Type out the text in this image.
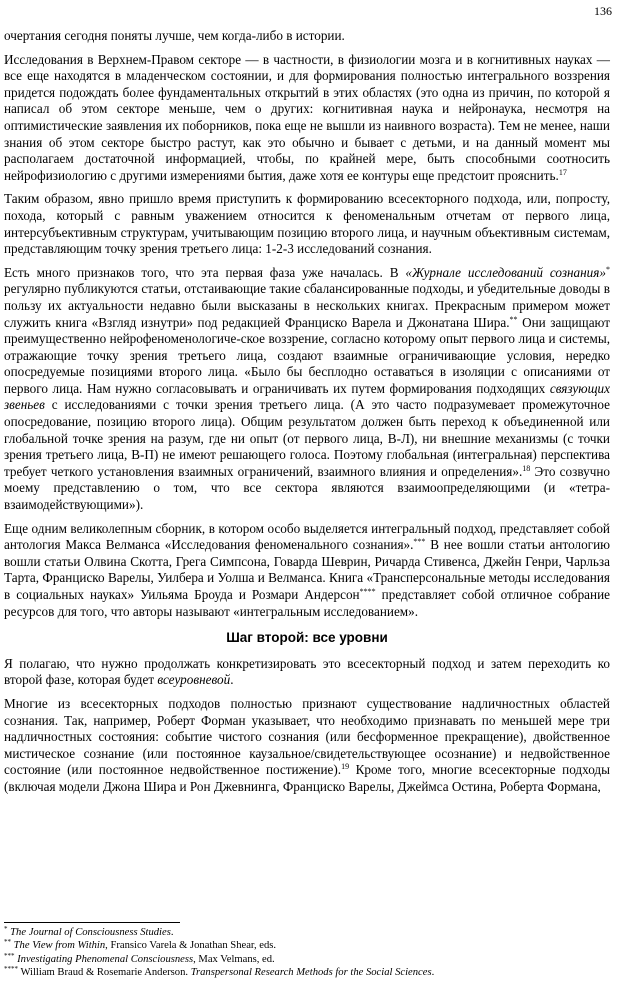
136

очертания сегодня поняты лучше, чем когда-либо в истории.

Исследования в Верхнем-Правом секторе — в частности, в физиологии мозга и в когнитивных науках — все еще находятся в младенческом состоянии, и для формирования полностью интегрального воззрения придется подождать более фундаментальных открытий в этих областях (это одна из причин, по которой я написал об этом секторе меньше, чем о других: когнитивная наука и нейронаука, несмотря на оптимистические заявления их поборников, пока еще не вышли из наивного возраста). Тем не менее, наши знания об этом секторе быстро растут, как это обычно и бывает с детьми, и на данный момент мы располагаем достаточной информацией, чтобы, по крайней мере, быть способными соотносить нейрофизиологию с другими измерениями бытия, даже хотя ее контуры еще предстоит прояснить.$^{17}$

Таким образом, явно пришло время приступить к формированию всесекторного подхода, или, попросту, похода, который с равным уважением относится к феноменальным отчетам от первого лица, интерсубъективным структурам, учитывающим позицию второго лица, и научным объективным системам, представляющим точку зрения третьего лица: 1-2-3 исследований сознания.

Есть много признаков того, что эта первая фаза уже началась. В «Журнале исследований сознания»* регулярно публикуются статьи, отстаивающие такие сбалансированные подходы, и убедительные доводы в пользу их актуальности недавно были высказаны в нескольких книгах. Прекрасным примером может служить книга «Взгляд изнутри» под редакцией Франциско Варела и Джонатана Шира.** Они защищают преимущественно нейрофеноменологиче-ское воззрение, согласно которому опыт первого лица и системы, отражающие точку зрения третьего лица, создают взаимные ограничивающие условия, нередко опосредуемые позициями второго лица. «Было бы бесплодно оставаться в изоляции с описаниями от первого лица. Нам нужно согласовывать и ограничивать их путем формирования подходящих связующих звеньев с исследованиями с точки зрения третьего лица. (А это часто подразумевает промежуточное опосредование, позицию второго лица). Общим результатом должен быть переход к объединенной или глобальной точке зрения на разум, где ни опыт (от первого лица, В-Л), ни внешние механизмы (с точки зрения третьего лица, В-П) не имеют решающего голоса. Поэтому глобальная (интегральная) перспектива требует четкого установления взаимных ограничений, взаимного влияния и определения».$^{18}$ Это созвучно моему представлению о том, что все сектора являются взаимоопределяющими (и «тетра-взаимодействующими»).

Еще одним великолепным сборник, в котором особо выделяется интегральный подход, представляет собой антология Макса Велманса «Исследования феноменального сознания».*** В нее вошли статьи антологию вошли статьи Олвина Скотта, Грега Симпсона, Говарда Шеврин, Ричарда Стивенса, Джейн Генри, Чарльза Тарта, Франциско Варелы, Уилбера и Уолша и Велманса. Книга «Трансперсональные методы исследования в социальных науках» Уильяма Броуда и Розмари Андерсон**** представляет собой отличное собрание ресурсов для того, что авторы называют «интегральным исследованием».

Шаг второй: все уровни

Я полагаю, что нужно продолжать конкретизировать это всесекторный подход и затем переходить ко второй фазе, которая будет всеуровневой.

Многие из всесекторных подходов полностью признают существование надличностных областей сознания. Так, например, Роберт Форман указывает, что необходимо признавать по меньшей мере три надличностных состояния: событие чистого сознания (или бесформенное прекращение), двойственное мистическое сознание (или постоянное каузальное/свидетельствующее осознание) и недвойственное состояние (или постоянное недвойственное постижение).$^{19}$ Кроме того, многие всесекторные подходы (включая модели Джона Шира и Рон Джевнинга, Франциско Варелы, Джеймса Остина, Роберта Формана,

* The Journal of Consciousness Studies.

** The View from Within, Fransico Varela & Jonathan Shear, eds.

*** Investigating Phenomenal Consciousness, Max Velmans, ed.

**** William Braud & Rosemarie Anderson. Transpersonal Research Methods for the Social Sciences.
